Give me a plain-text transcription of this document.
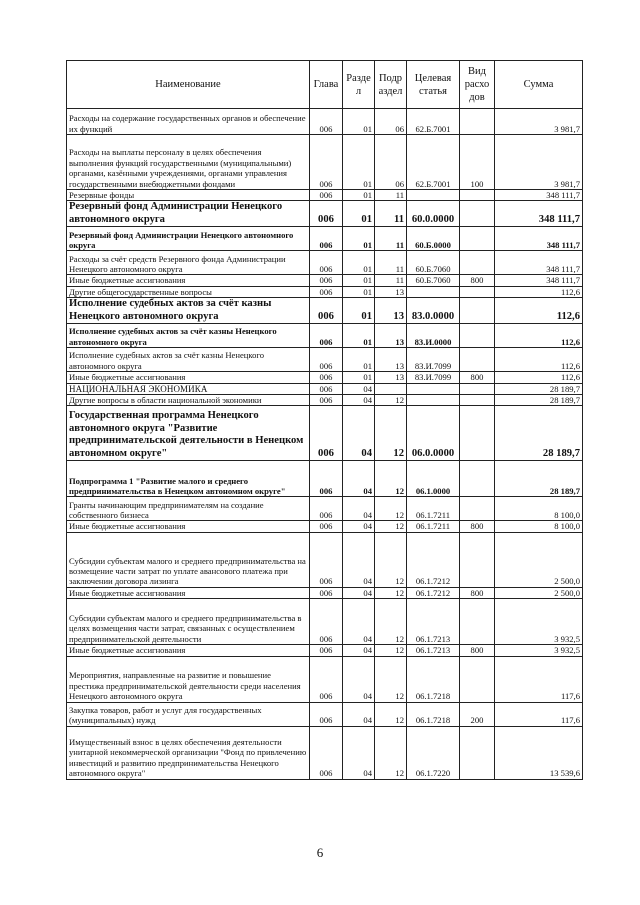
Наименование	Глава	Разде л	Подр аздел	Целевая статья	Вид расхо дов	Сумма
Расходы на содержание государственных органов и обеспечение их функций	006	01	06	62.Б.7001		3 981,7
Расходы на выплаты персоналу в целях обеспечения выполнения функций государственными (муниципальными) органами, казёнными учреждениями, органами управления государственными внебюджетными фондами	006	01	06	62.Б.7001	100	3 981,7
Резервные фонды	006	01	11			348 111,7
Резервный фонд Администрации Ненецкого автономного округа	006	01	11	60.0.0000		348 111,7
Резервный фонд Администрации Ненецкого автономного округа	006	01	11	60.Б.0000		348 111,7
Расходы за счёт средств Резервного фонда Администрации Ненецкого автономного округа	006	01	11	60.Б.7060		348 111,7
Иные бюджетные ассигнования	006	01	11	60.Б.7060	800	348 111,7
Другие общегосударственные вопросы	006	01	13			112,6
Исполнение судебных актов за счёт казны Ненецкого автономного округа	006	01	13	83.0.0000		112,6
Исполнение судебных актов за счёт казны Ненецкого автономного округа	006	01	13	83.И.0000		112,6
Исполнение судебных актов за счёт казны Ненецкого автономного округа	006	01	13	83.И.7099		112,6
Иные бюджетные ассигнования	006	01	13	83.И.7099	800	112,6
НАЦИОНАЛЬНАЯ ЭКОНОМИКА	006	04				28 189,7
Другие вопросы в области национальной экономики	006	04	12			28 189,7
Государственная программа Ненецкого автономного округа "Развитие предпринимательской деятельности в Ненецком автономном округе"	006	04	12	06.0.0000		28 189,7
Подпрограмма 1 "Развитие малого и среднего предпринимательства в Ненецком автономном округе"	006	04	12	06.1.0000		28 189,7
Гранты начинающим предпринимателям на создание собственного бизнеса	006	04	12	06.1.7211		8 100,0
Иные бюджетные ассигнования	006	04	12	06.1.7211	800	8 100,0
Субсидии субъектам малого и среднего предпринимательства на возмещение части затрат по уплате авансового платежа при заключении договора лизинга	006	04	12	06.1.7212		2 500,0
Иные бюджетные ассигнования	006	04	12	06.1.7212	800	2 500,0
Субсидии субъектам малого и среднего предпринимательства в целях возмещения части затрат, связанных с осуществлением предпринимательской деятельности	006	04	12	06.1.7213		3 932,5
Иные бюджетные ассигнования	006	04	12	06.1.7213	800	3 932,5
Мероприятия, направленные на развитие и повышение престижа предпринимательской деятельности среди населения Ненецкого автономного округа	006	04	12	06.1.7218		117,6
Закупка товаров, работ и услуг для государственных (муниципальных) нужд	006	04	12	06.1.7218	200	117,6
Имущественный взнос в целях обеспечения деятельности унитарной некоммерческой организации "Фонд по привлечению инвестиций и развитию предпринимательства Ненецкого автономного округа"	006	04	12	06.1.7220		13 539,6
6
